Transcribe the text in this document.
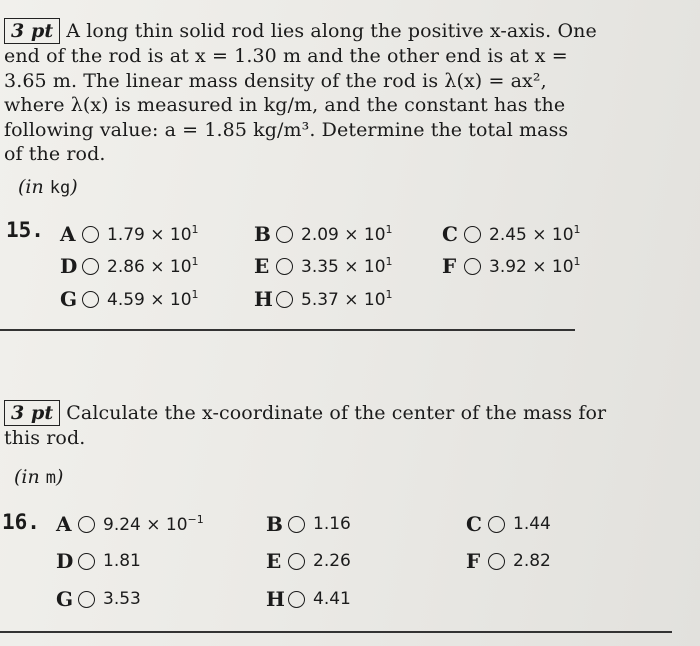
3 pt A long thin solid rod lies along the positive x-axis. One
end of the rod is at x = 1.30 m and the other end is at x =
3.65 m. The linear mass density of the rod is λ(x) = ax²,
where λ(x) is measured in kg/m, and the constant has the
following value: a = 1.85 kg/m³. Determine the total mass
of the rod.

(in kg)
15. A $1.79 \times 10^1$	B $2.09 \times 10^1$ C $2.45 \times 10^1$
D $2.86 \times 10^1$	E $3.35 \times 10^1$ F	$3.92 \times 10^1$
G $4.59 \times 10^1$	H $5.37 \times 10^1$

3 pt Calculate the x-coordinate of the center of the mass for
this rod.

(in m)
16. A $9.24 \times 10^{-1}$	B 1.16	C 1.44
D 1.81	E 2.26	F	2.82
G 3.53	H 4.41
